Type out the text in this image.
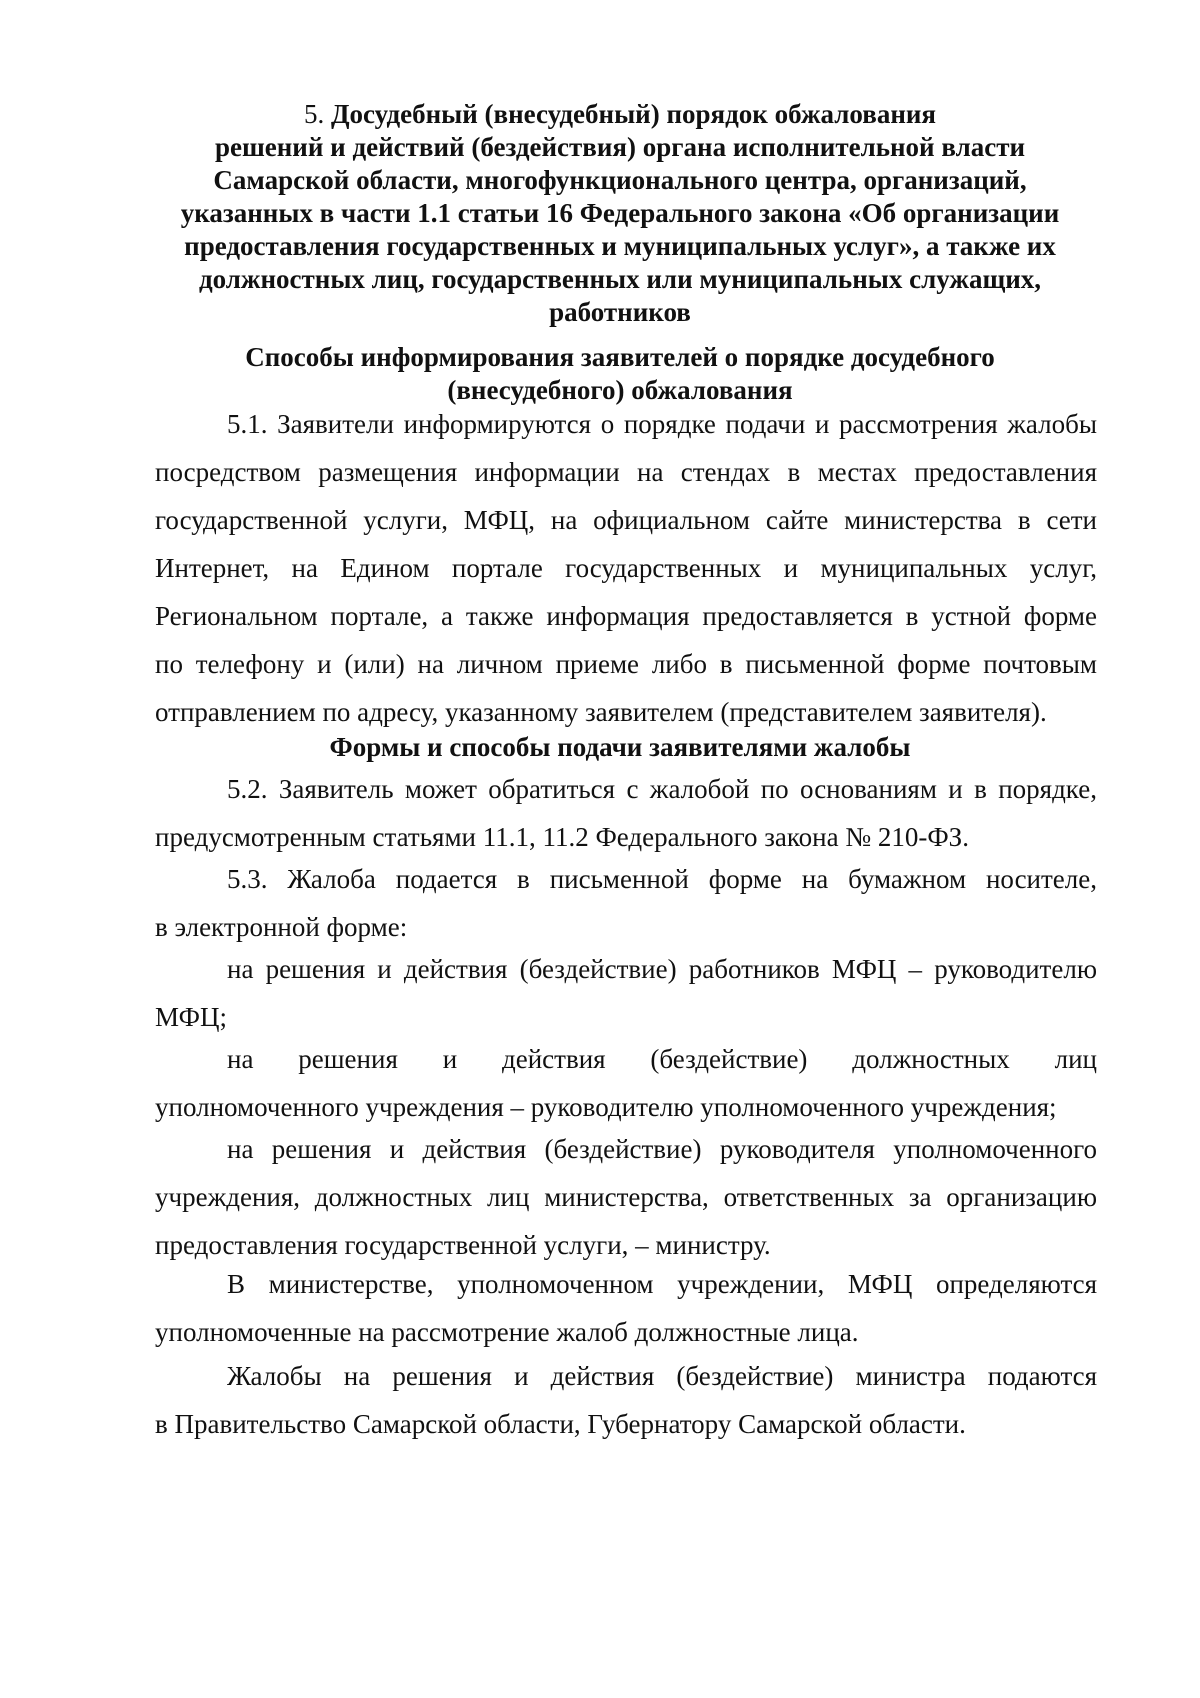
5. Досудебный (внесудебный) порядок обжалования
решений и действий (бездействия) органа исполнительной власти
Самарской области, многофункционального центра, организаций,
указанных в части 1.1 статьи 16 Федерального закона «Об организации
предоставления государственных и муниципальных услуг», а также их
должностных лиц, государственных или муниципальных служащих,
работников
Способы информирования заявителей о порядке досудебного
(внесудебного) обжалования
5.1. Заявители информируются о порядке подачи и рассмотрения жалобы
посредством размещения информации на стендах в местах предоставления
государственной услуги, МФЦ, на официальном сайте министерства в сети
Интернет, на Едином портале государственных и муниципальных услуг,
Региональном портале, а также информация предоставляется в устной форме
по телефону и (или) на личном приеме либо в письменной форме почтовым
отправлением по адресу, указанному заявителем (представителем заявителя).
Формы и способы подачи заявителями жалобы
5.2. Заявитель может обратиться с жалобой по основаниям и в порядке,
предусмотренным статьями 11.1, 11.2 Федерального закона № 210-ФЗ.
5.3. Жалоба подается в письменной форме на бумажном носителе,
в электронной форме:
на решения и действия (бездействие) работников МФЦ – руководителю
МФЦ;
на решения и действия (бездействие) должностных лиц
уполномоченного учреждения – руководителю уполномоченного учреждения;
на решения и действия (бездействие) руководителя уполномоченного
учреждения, должностных лиц министерства, ответственных за организацию
предоставления государственной услуги, – министру.
В министерстве, уполномоченном учреждении, МФЦ определяются
уполномоченные на рассмотрение жалоб должностные лица.
Жалобы на решения и действия (бездействие) министра подаются
в Правительство Самарской области, Губернатору Самарской области.
